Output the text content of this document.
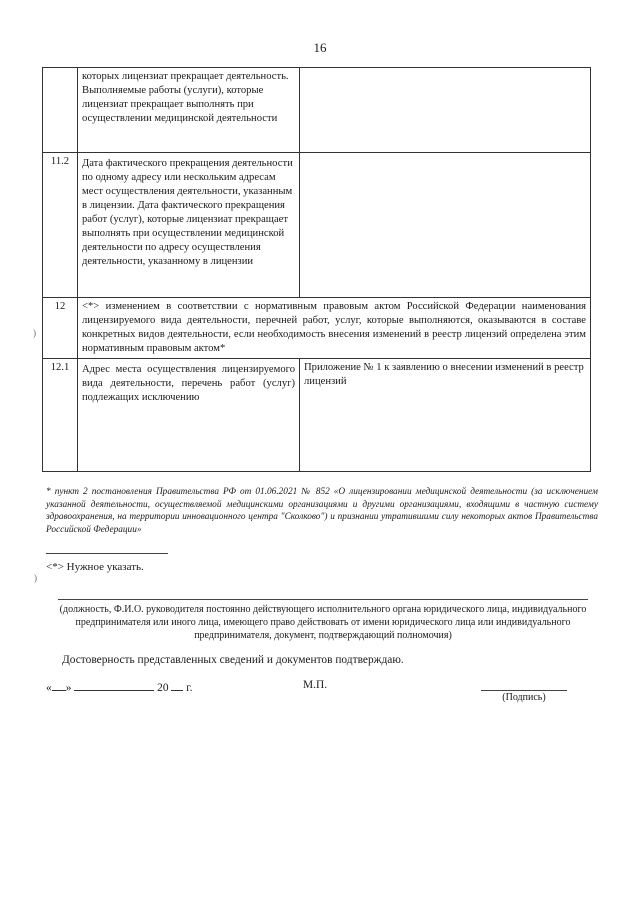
16
	которых лицензиат прекращает деятельность. Выполняемые работы (услуги), которые лицензиат прекращает выполнять при осуществлении медицинской деятельности	
11.2	Дата фактического прекращения деятельности по одному адресу или нескольким адресам мест осуществления деятельности, указанным в лицензии. Дата фактического прекращения работ (услуг), которые лицензиат прекращает выполнять при осуществлении медицинской деятельности по адресу осуществления деятельности, указанному в лицензии	
12	<*> изменением в соответствии с нормативным правовым актом Российской Федерации наименования лицензируемого вида деятельности, перечней работ, услуг, которые выполняются, оказываются в составе конкретных видов деятельности, если необходимость внесения изменений в реестр лицензий определена этим нормативным правовым актом*	
12.1	Адрес места осуществления лицензируемого вида деятельности, перечень работ (услуг) подлежащих исключению	Приложение № 1 к заявлению о внесении изменений в реестр лицензий
* пункт 2 постановления Правительства РФ от 01.06.2021 № 852 «О лицензировании медицинской деятельности (за исключением указанной деятельности, осуществляемой медицинскими организациями и другими организациями, входящими в частную систему здравоохранения, на территории инновационного центра "Сколково") и признании утратившими силу некоторых актов Правительства Российской Федерации»
<*> Нужное указать.
(должность, Ф.И.О. руководителя постоянно действующего исполнительного органа юридического лица, индивидуального предпринимателя или иного лица, имеющего право действовать от имени юридического лица или индивидуального предпринимателя, документ, подтверждающий полномочия)
Достоверность представленных сведений и документов подтверждаю.
« »	20 г.	М.П.
(Подпись)
)
)
